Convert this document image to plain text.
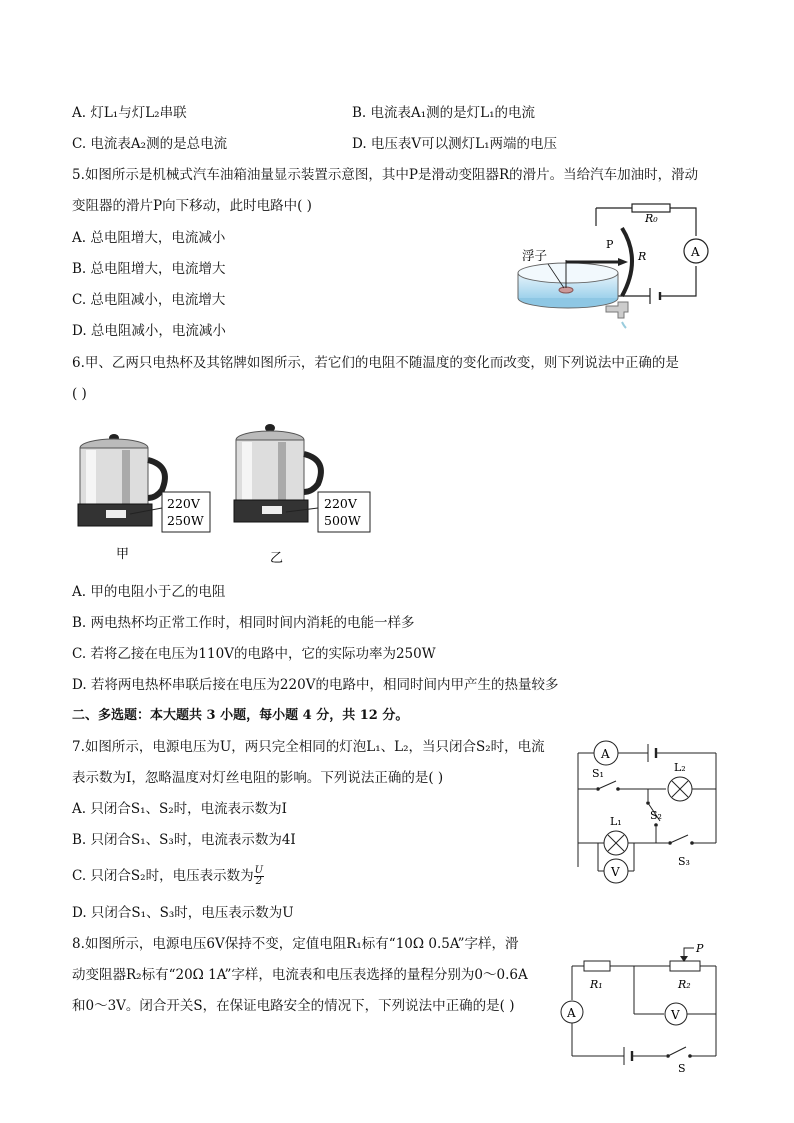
A. 灯L₁与灯L₂串联	B. 电流表A₁测的是灯L₁的电流
C. 电流表A₂测的是总电流	D. 电压表V可以测灯L₁两端的电压
5.如图所示是机械式汽车油箱油量显示装置示意图，其中P是滑动变阻器R的滑片。当给汽车加油时，滑动
变阻器的滑片P向下移动，此时电路中( )
A. 总电阻增大，电流减小
B. 总电阻增大，电流增大
C. 总电阻减小，电流增大
D. 总电阻减小，电流减小
R₀
A
P
R
浮子
6.甲、乙两只电热杯及其铭牌如图所示，若它们的电阻不随温度的变化而改变，则下列说法中正确的是
( )
220V
250W
甲
220V
500W
乙
A. 甲的电阻小于乙的电阻
B. 两电热杯均正常工作时，相同时间内消耗的电能一样多
C. 若将乙接在电压为110V的电路中，它的实际功率为250W
D. 若将两电热杯串联后接在电压为220V的电路中，相同时间内甲产生的热量较多
二、多选题：本大题共 3 小题，每小题 4 分，共 12 分。
7.如图所示，电源电压为U，两只完全相同的灯泡L₁、L₂，当只闭合S₂时，电流
表示数为I，忽略温度对灯丝电阻的影响。下列说法正确的是( )
A. 只闭合S₁、S₂时，电流表示数为I
B. 只闭合S₁、S₃时，电流表示数为4I
C. 只闭合S₂时，电压表示数为 $\frac{U}{2}$
D. 只闭合S₁、S₃时，电压表示数为U
A
S₁	L₂
S₂
L₁
S₃
V
8.如图所示，电源电压6V保持不变，定值电阻R₁标有“10Ω 0.5A”字样，滑
动变阻器R₂标有“20Ω 1A”字样，电流表和电压表选择的量程分别为0～0.6A
和0～3V。闭合开关S，在保证电路安全的情况下，下列说法中正确的是( )
R₁	R₂
P
A	V
S
